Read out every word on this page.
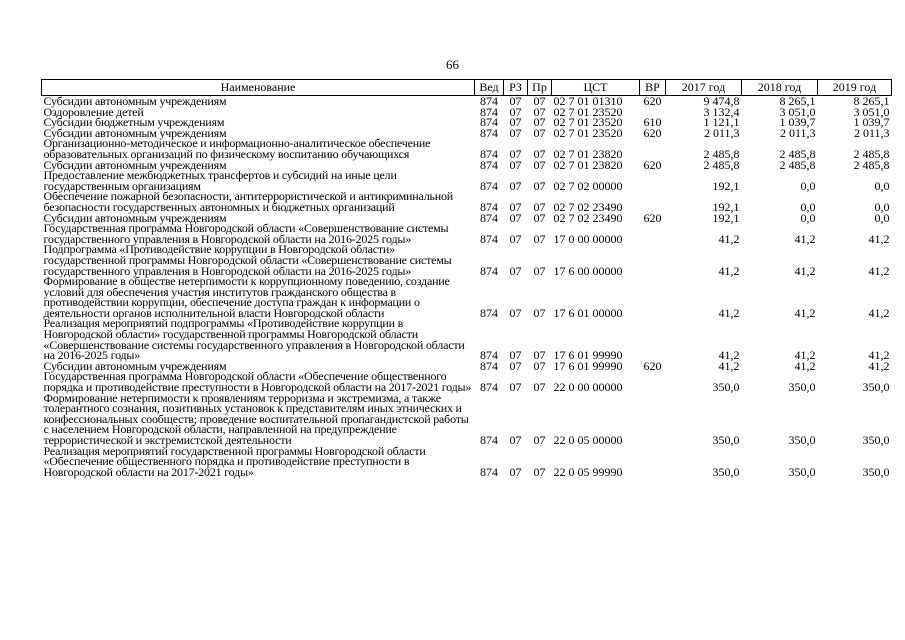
66
Наименование	Вед	РЗ	Пр	ЦСТ	ВР	2017 год	2018 год	2019 год
Субсидии автономным учреждениям	874	07	07	02 7 01 01310	620	9 474,8	8 265,1	8 265,1
Оздоровление детей	874	07	07	02 7 01 23520		3 132,4	3 051,0	3 051,0
Субсидии бюджетным учреждениям	874	07	07	02 7 01 23520	610	1 121,1	1 039,7	1 039,7
Субсидии автономным учреждениям	874	07	07	02 7 01 23520	620	2 011,3	2 011,3	2 011,3
Организационно-методическое и информационно-аналитическое обеспечение образовательных организаций по физическому воспитанию обучающихся	874	07	07	02 7 01 23820		2 485,8	2 485,8	2 485,8
Субсидии автономным учреждениям	874	07	07	02 7 01 23820	620	2 485,8	2 485,8	2 485,8
Предоставление межбюджетных трансфертов и субсидий на иные цели государственным организациям	874	07	07	02 7 02 00000		192,1	0,0	0,0
Обеспечение пожарной безопасности, антитеррористической и антикриминальной безопасности государственных автономных и бюджетных организаций	874	07	07	02 7 02 23490		192,1	0,0	0,0
Субсидии автономным учреждениям	874	07	07	02 7 02 23490	620	192,1	0,0	0,0
Государственная программа Новгородской области «Совершенствование системы государственного управления в Новгородской области на 2016-2025 годы»	874	07	07	17 0 00 00000		41,2	41,2	41,2
Подпрограмма «Противодействие коррупции в Новгородской области» государственной программы Новгородской области «Совершенствование системы государственного управления в Новгородской области на 2016-2025 годы»	874	07	07	17 6 00 00000		41,2	41,2	41,2
Формирование в обществе нетерпимости к коррупционному поведению, создание условий для обеспечения участия институтов гражданского общества в противодействии коррупции, обеспечение доступа граждан к информации о деятельности органов исполнительной власти Новгородской области	874	07	07	17 6 01 00000		41,2	41,2	41,2
Реализация мероприятий подпрограммы «Противодействие коррупции в Новгородской области» государственной программы Новгородской области «Совершенствование системы государственного управления в Новгородской области на 2016-2025 годы»	874	07	07	17 6 01 99990		41,2	41,2	41,2
Субсидии автономным учреждениям	874	07	07	17 6 01 99990	620	41,2	41,2	41,2
Государственная программа Новгородской области «Обеспечение общественного порядка и противодействие преступности в Новгородской области на 2017-2021 годы»	874	07	07	22 0 00 00000		350,0	350,0	350,0
Формирование нетерпимости к проявлениям терроризма и экстремизма, а также толерантного сознания, позитивных установок к представителям иных этнических и конфессиональных сообществ; проведение воспитательной пропагандистской работы с населением Новгородской области, направленной на предупреждение террористической и экстремистской деятельности	874	07	07	22 0 05 00000		350,0	350,0	350,0
Реализация мероприятий государственной программы Новгородской области «Обеспечение общественного порядка и противодействие преступности в Новгородской области на 2017-2021 годы»	874	07	07	22 0 05 99990		350,0	350,0	350,0
